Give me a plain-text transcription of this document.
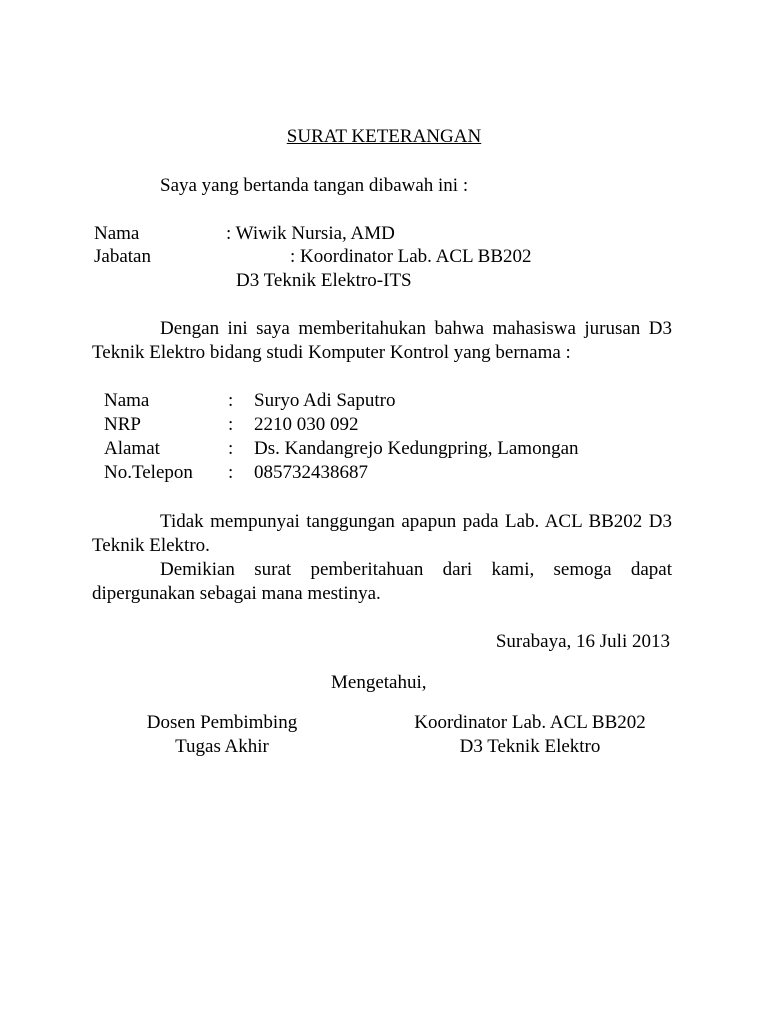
SURAT KETERANGAN
Saya yang bertanda tangan dibawah ini :
Nama	: Wiwik Nursia, AMD
Jabatan	: Koordinator Lab. ACL BB202
D3 Teknik Elektro-ITS
Dengan ini saya memberitahukan bahwa mahasiswa jurusan D3 Teknik Elektro bidang studi Komputer Kontrol yang bernama :
Nama	: Suryo Adi Saputro
NRP	: 2210 030 092
Alamat	: Ds. Kandangrejo Kedungpring, Lamongan
No.Telepon : 085732438687
Tidak mempunyai tanggungan apapun pada Lab. ACL BB202 D3 Teknik Elektro.
Demikian surat pemberitahuan dari kami, semoga dapat dipergunakan sebagai mana mestinya.
Surabaya, 16 Juli 2013
Mengetahui,
Dosen Pembimbing
Tugas Akhir
Koordinator Lab. ACL BB202
D3 Teknik Elektro
